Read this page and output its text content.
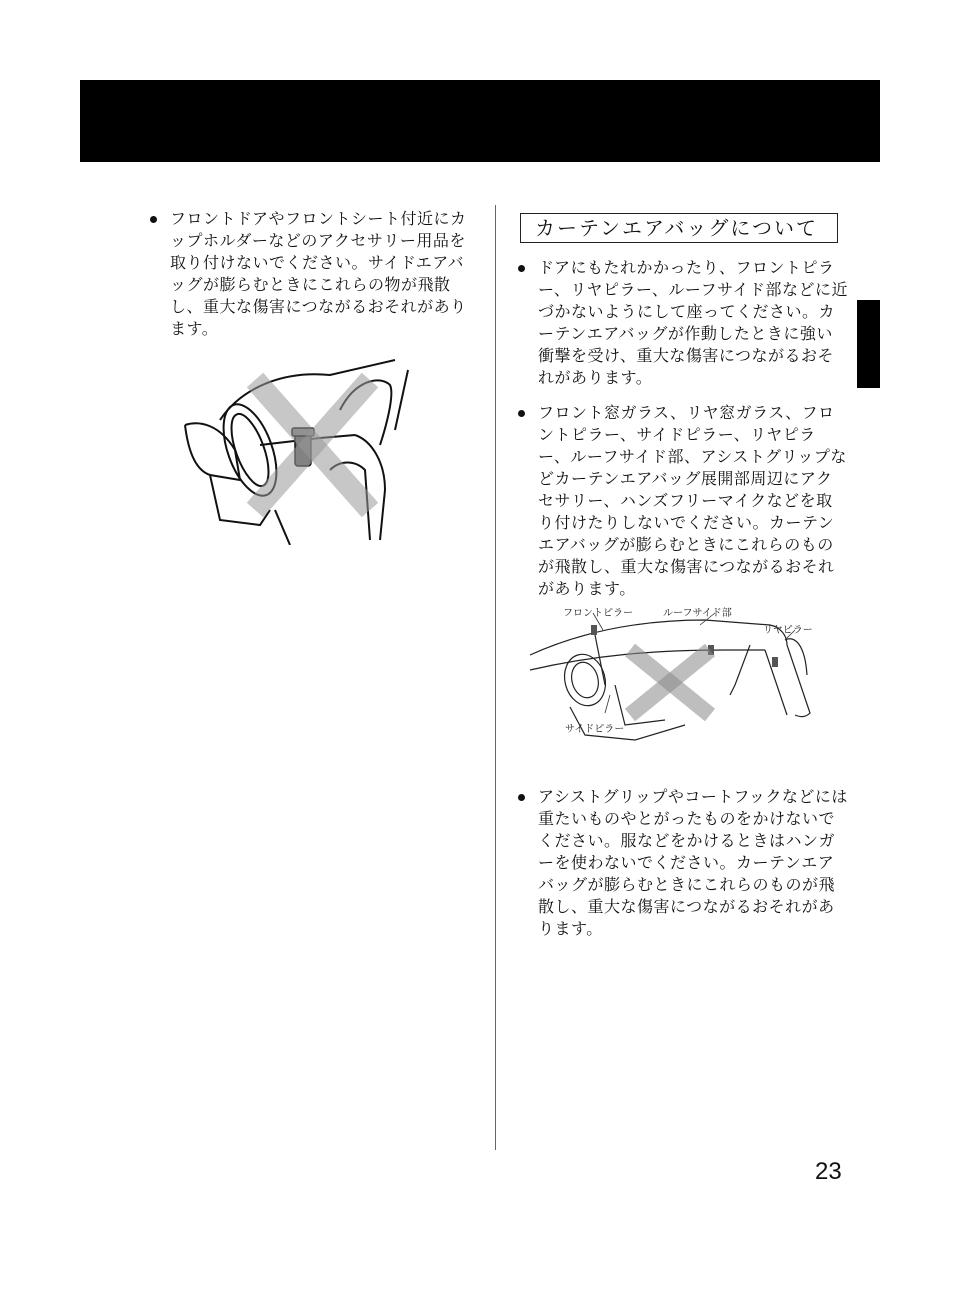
フロントドアやフロントシート付近にカップホルダーなどのアクセサリー用品を取り付けないでください。サイドエアバッグが膨らむときにこれらの物が飛散し、重大な傷害につながるおそれがあります。
カーテンエアバッグについて
ドアにもたれかかったり、フロントピラー、リヤピラー、ルーフサイド部などに近づかないようにして座ってください。カーテンエアバッグが作動したときに強い衝撃を受け、重大な傷害につながるおそれがあります。
フロント窓ガラス、リヤ窓ガラス、フロントピラー、サイドピラー、リヤピラー、ルーフサイド部、アシストグリップなどカーテンエアバッグ展開部周辺にアクセサリー、ハンズフリーマイクなどを取り付けたりしないでください。カーテンエアバッグが膨らむときにこれらのものが飛散し、重大な傷害につながるおそれがあります。
フロントピラー	ルーフサイド部
リヤピラー
サイドピラー
アシストグリップやコートフックなどには重たいものやとがったものをかけないでください。服などをかけるときはハンガーを使わないでください。カーテンエアバッグが膨らむときにこれらのものが飛散し、重大な傷害につながるおそれがあります。
23
